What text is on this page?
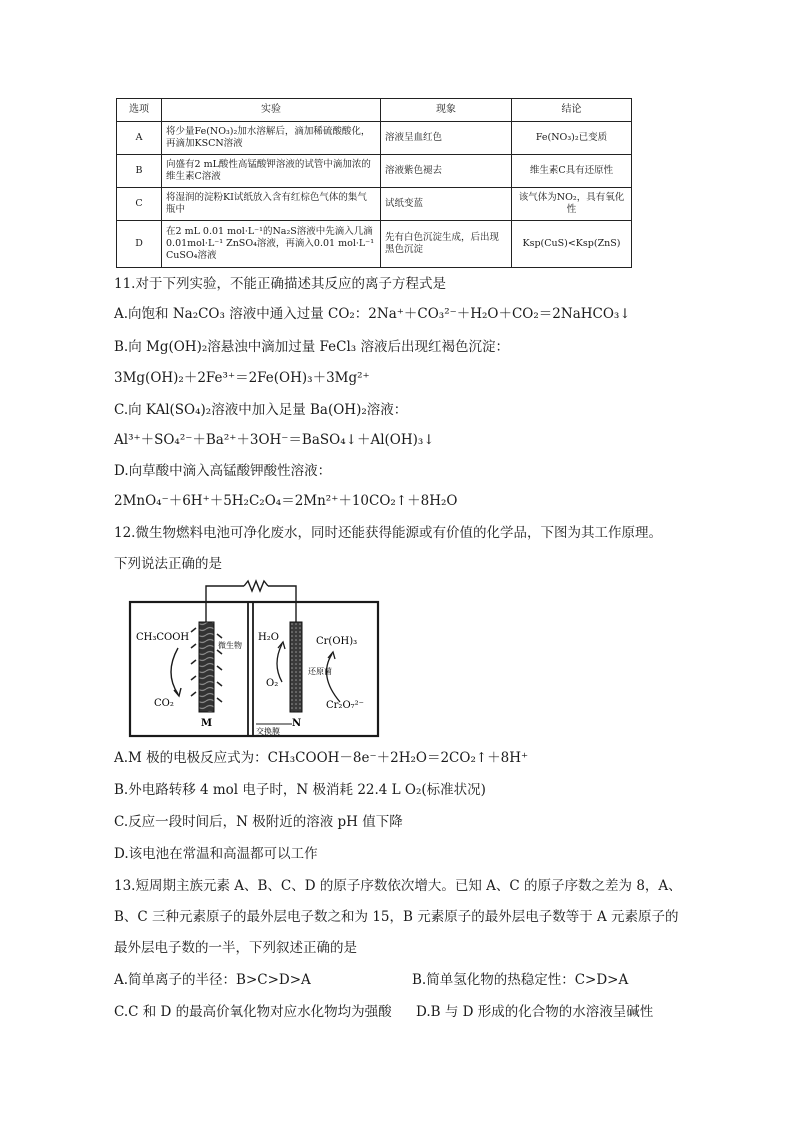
选项	实验	现象	结论
A	将少量Fe(NO₃)₂加水溶解后，滴加稀硫酸酸化，再滴加KSCN溶液	溶液呈血红色	Fe(NO₃)₂已变质
B	向盛有2 mL酸性高锰酸钾溶液的试管中滴加浓的维生素C溶液	溶液紫色褪去	维生素C具有还原性
C	将湿润的淀粉KI试纸放入含有红棕色气体的集气瓶中	试纸变蓝	该气体为NO₂，具有氧化性
D	在2 mL 0.01 mol·L⁻¹的Na₂S溶液中先滴入几滴0.01mol·L⁻¹ ZnSO₄溶液，再滴入0.01 mol·L⁻¹ CuSO₄溶液	先有白色沉淀生成，后出现黑色沉淀	Ksp(CuS)<Ksp(ZnS)
11.对于下列实验，不能正确描述其反应的离子方程式是
A.向饱和 Na₂CO₃ 溶液中通入过量 CO₂：2Na⁺＋CO₃²⁻＋H₂O＋CO₂＝2NaHCO₃↓
B.向 Mg(OH)₂溶悬浊中滴加过量 FeCl₃ 溶液后出现红褐色沉淀：
3Mg(OH)₂＋2Fe³⁺＝2Fe(OH)₃＋3Mg²⁺
C.向 KAl(SO₄)₂溶液中加入足量 Ba(OH)₂溶液：
Al³⁺＋SO₄²⁻＋Ba²⁺＋3OH⁻＝BaSO₄↓＋Al(OH)₃↓
D.向草酸中滴入高锰酸钾酸性溶液：
2MnO₄⁻＋6H⁺＋5H₂C₂O₄＝2Mn²⁺＋10CO₂↑＋8H₂O
12.微生物燃料电池可净化废水，同时还能获得能源或有价值的化学品，下图为其工作原理。
下列说法正确的是
CH₃COOH
微生物
CO₂
M
H₂O
O₂
Cr(OH)₃
还原菌
Cr₂O₇²⁻
N
交换膜
A.M 极的电极反应式为：CH₃COOH－8e⁻＋2H₂O＝2CO₂↑＋8H⁺
B.外电路转移 4 mol 电子时，N 极消耗 22.4 L O₂(标准状况)
C.反应一段时间后，N 极附近的溶液 pH 值下降
D.该电池在常温和高温都可以工作
13.短周期主族元素 A、B、C、D 的原子序数依次增大。已知 A、C 的原子序数之差为 8，A、
B、C 三种元素原子的最外层电子数之和为 15，B 元素原子的最外层电子数等于 A 元素原子的
最外层电子数的一半，下列叙述正确的是
A.简单离子的半径：B>C>D>A	B.简单氢化物的热稳定性：C>D>A
C.C 和 D 的最高价氧化物对应水化物均为强酸 D.B 与 D 形成的化合物的水溶液呈碱性
